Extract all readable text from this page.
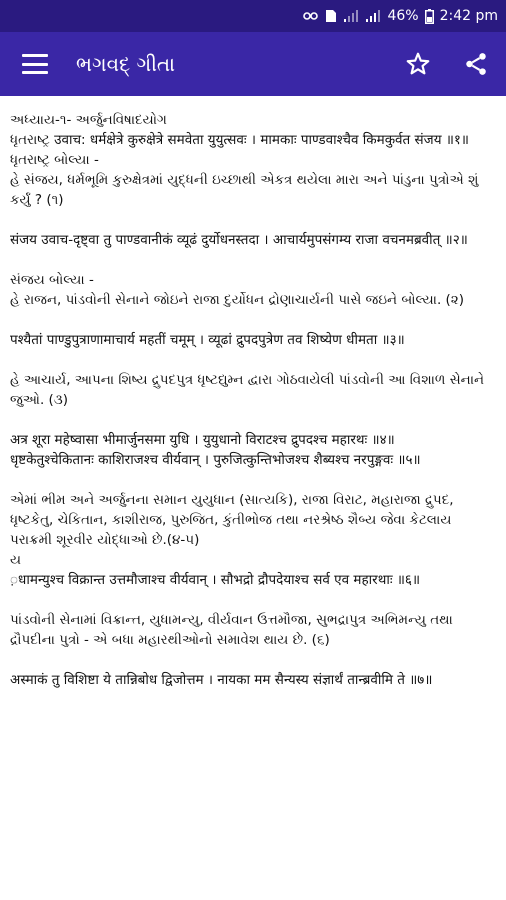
46% 2:42 pm
ભગવદ્ ગીતા

અધ્યાય-૧- અર્જુનવિષાદયોગ
ધૃતરાષ્ટ્ર उवाच: धर्मक्षेत्रे कुरुक्षेत्रे समवेता युयुत्सवः । मामकाः पाण्डवाश्चैव किमकुर्वत संजय ॥१॥
ધૃતરાષ્ટ્ર બોલ્યા -
હે સંજય, ધર્મભૂમિ કુરુક્ષેત્રમાં યુદ્ધની ઇચ્છાથી એકત્ર થયેલા મારા અને પાંડુના પુત્રોએ શું કર્યું ? (૧)

संजय उवाच-दृष्ट्वा तु पाण्डवानीकं व्यूढं दुर्योधनस्तदा । आचार्यमुपसंगम्य राजा वचनमब्रवीत् ॥२॥

સંજય બોલ્યા -
હે રાજન, પાંડવોની સેનાને જોઇને રાજા દુર્યોધન દ્રોણાચાર્યની પાસે જઇને બોલ્યા. (૨)

पश्यैतां पाण्डुपुत्राणामाचार्य महतीं चमूम् । व्यूढां द्रुपदपुत्रेण तव शिष्येण धीमता ॥३॥

હે આચાર્ય, આપના શિષ્ય દ્રુપદપુત્ર ધૃષ્ટદ્યુમ્ન દ્વારા ગોઠવાયેલી પાંડવોની આ વિશાળ સેનાને જુઓ. (૩)

अत्र शूरा महेष्वासा भीमार्जुनसमा युधि । युयुधानो विराटश्च द्रुपदश्च महारथः ॥४॥
धृष्टकेतुश्चेकितानः काशिराजश्च वीर्यवान् । पुरुजित्कुन्तिभोजश्च शैब्यश्च नरपुङ्गवः ॥५॥

એમાં ભીમ અને અર્જુનના સમાન યુયુધાન (સાત્યકિ), રાજા વિરાટ, મહારાજા દ્રુપદ, ધૃષ્ટકેતુ, ચેકિતાન, કાશીરાજ, પુરુજિત, કુંતીભોજ તથા નરશ્રેષ્ઠ શૈબ્ય જેવા કેટલાય પરાક્રમી શૂરવીર યોદ્ધાઓ છે.(૪-૫)
ય
़धामन्युश्च विक्रान्त उत्तमौजाश्च वीर्यवान् । सौभद्रो द्रौपदेयाश्च सर्व एव महारथाः ॥६॥

પાંડવોની સેનામાં વિક્રાન્ત, યુધામન્યુ, વીર્યવાન ઉત્તમૌજા, સુભદ્રાપુત્ર અભિમન્યુ તથા દ્રૌપદીના પુત્રો - એ બધા મહારથીઓનો સમાવેશ થાય છે. (૬)

अस्माकं तु विशिष्टा ये तान्निबोध द्विजोत्तम । नायका मम सैन्यस्य संज्ञार्थं तान्ब्रवीमि ते ॥७॥
